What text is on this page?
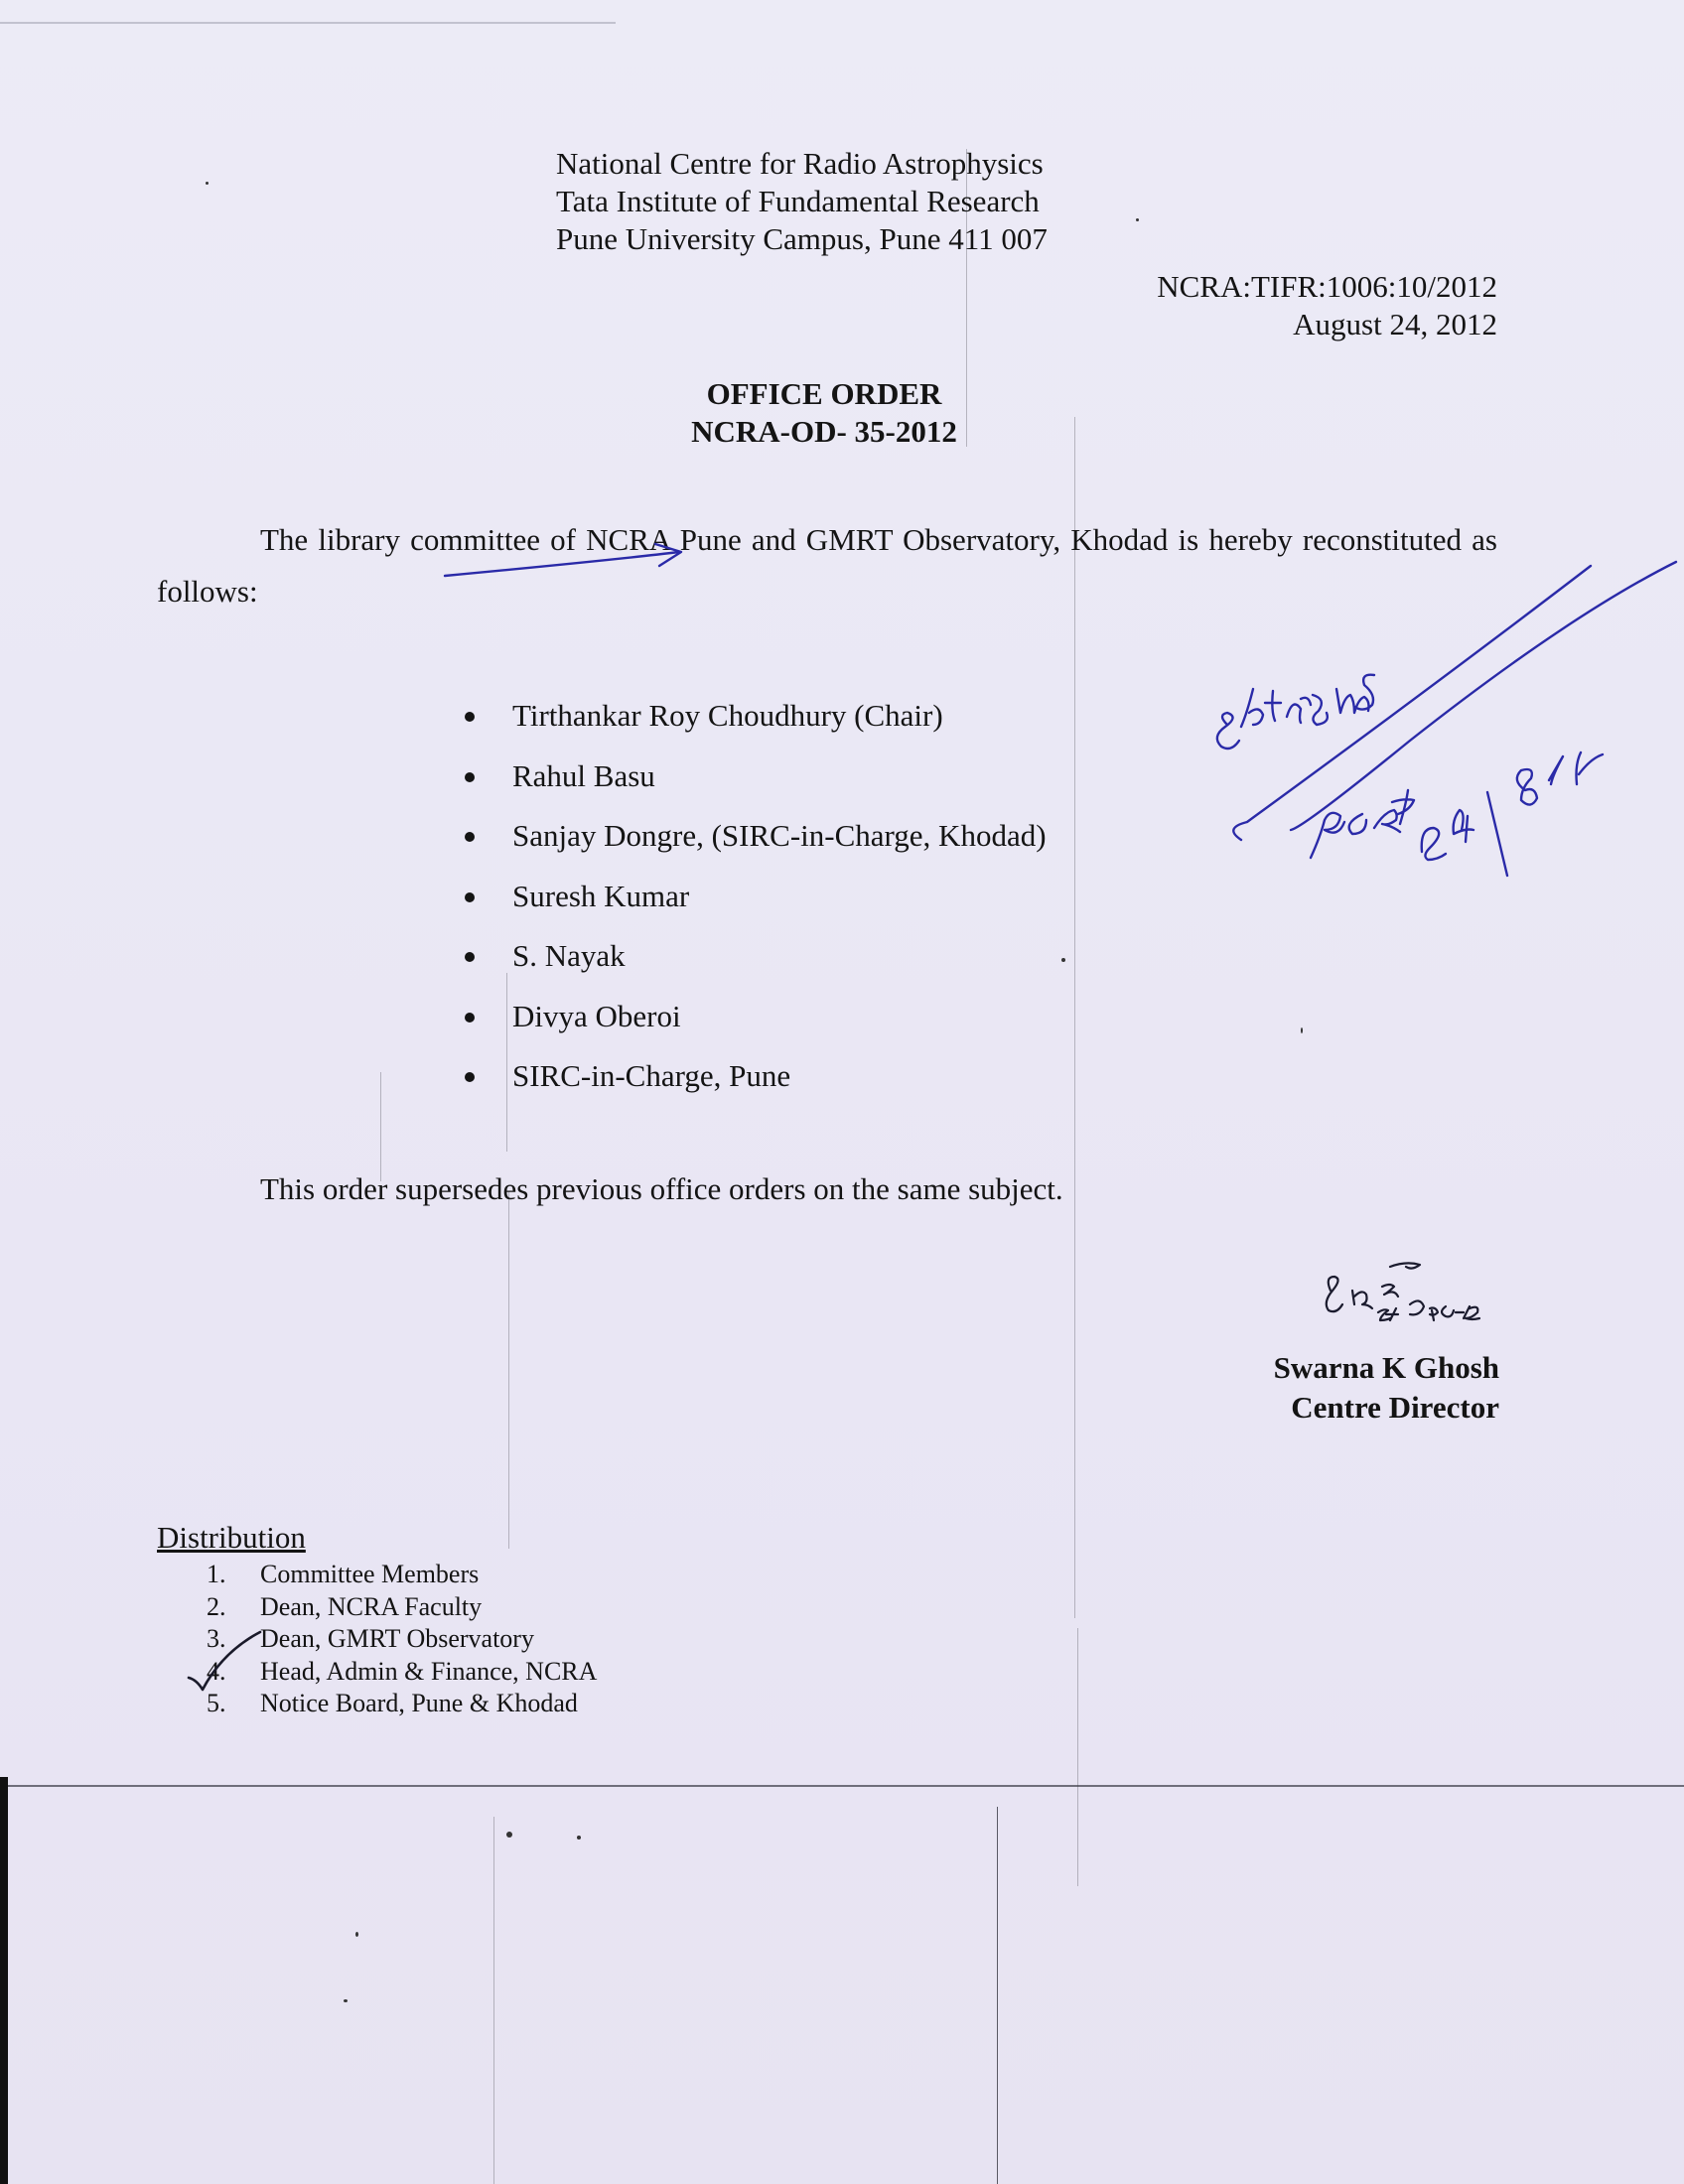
National Centre for Radio Astrophysics
Tata Institute of Fundamental Research
Pune University Campus, Pune 411 007
NCRA:TIFR:1006:10/2012
August 24, 2012
OFFICE ORDER
NCRA-OD- 35-2012

The library committee of NCRA Pune and GMRT Observatory, Khodad is hereby reconstituted as follows:

Tirthankar Roy Choudhury (Chair)
Rahul Basu
Sanjay Dongre, (SIRC-in-Charge, Khodad)
Suresh Kumar
S. Nayak
Divya Oberoi
SIRC-in-Charge, Pune

This order supersedes previous office orders on the same subject.

Swarna K Ghosh
Centre Director

Distribution

1. Committee Members
2. Dean, NCRA Faculty
3. Dean, GMRT Observatory
4. Head, Admin & Finance, NCRA
5. Notice Board, Pune & Khodad
